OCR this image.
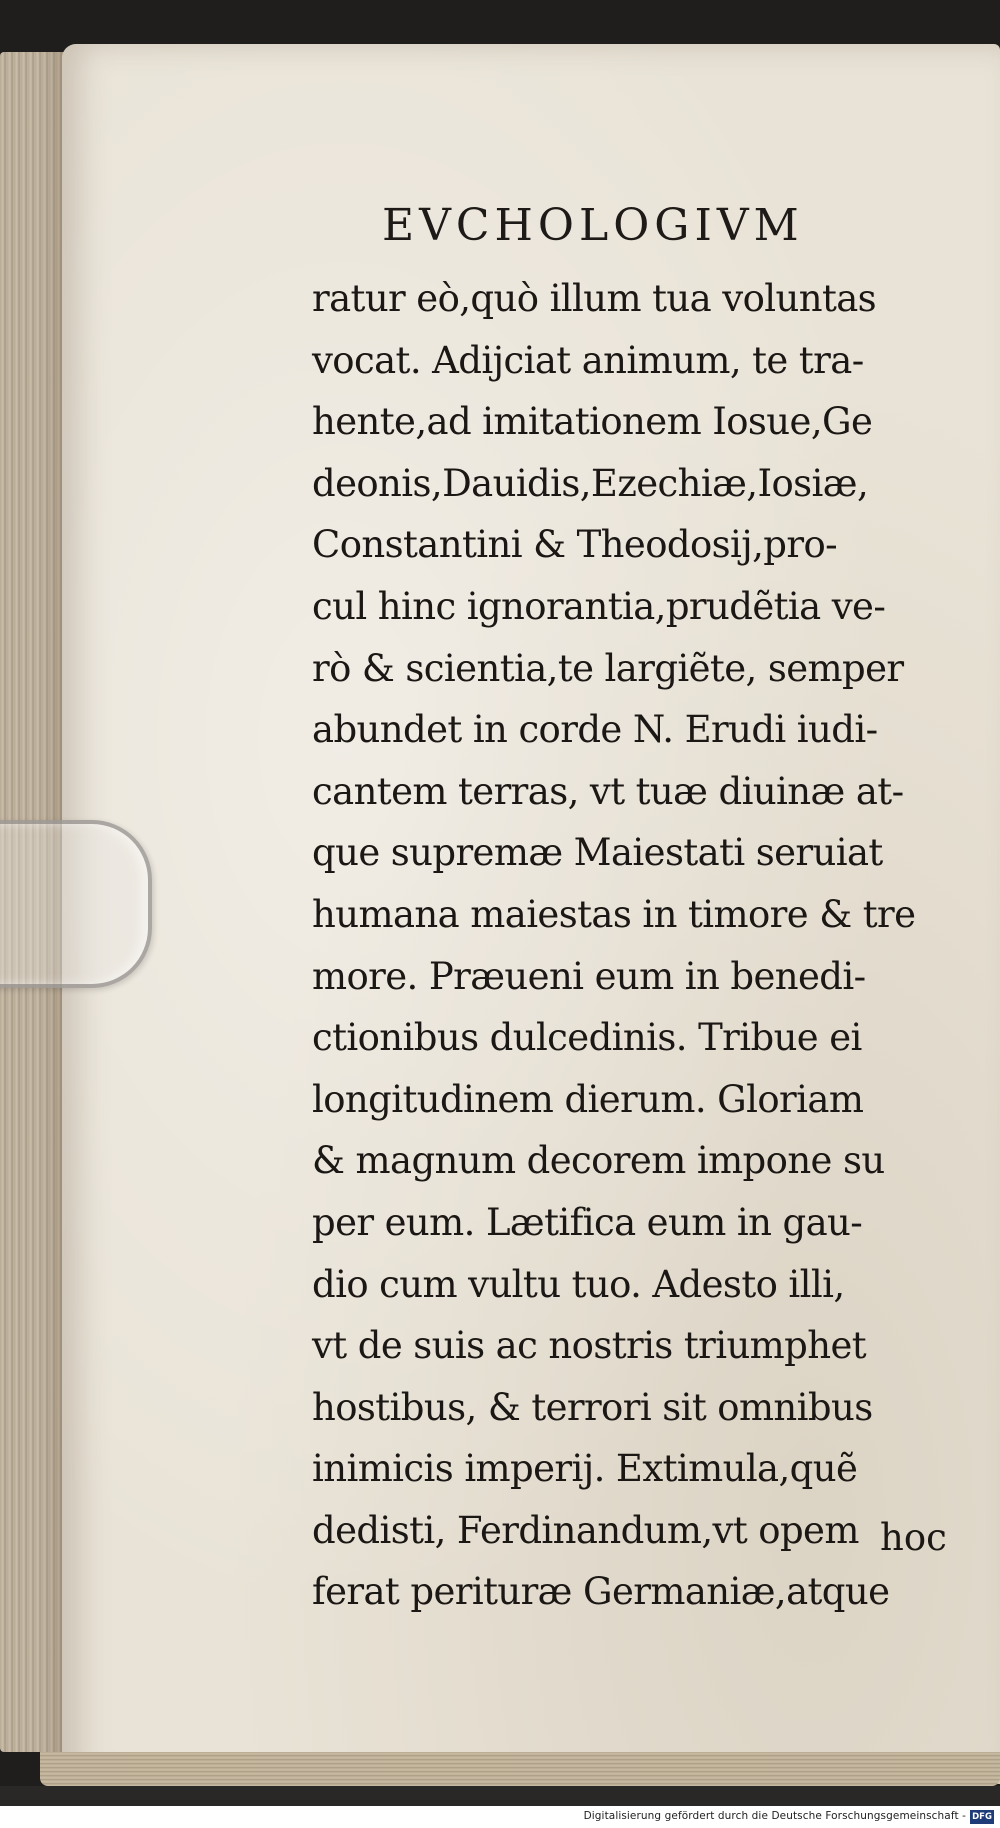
EVCHOLOGIVM
ratur eò,quò illum tua voluntas
vocat. Adijciat animum, te tra-
hente,ad imitationem Iosue,Ge
deonis,Dauidis,Ezechiæ,Iosiæ,
Constantini & Theodosij,pro-
cul hinc ignorantia,prudẽtia ve-
rò & scientia,te largiẽte, semper
abundet in corde N. Erudi iudi-
cantem terras, vt tuæ diuinæ at-
que supremæ Maiestati seruiat
humana maiestas in timore & tre
more. Præueni eum in benedi-
ctionibus dulcedinis. Tribue ei
longitudinem dierum. Gloriam
& magnum decorem impone su
per eum. Lætifica eum in gau-
dio cum vultu tuo. Adesto illi,
vt de suis ac nostris triumphet
hostibus, & terrori sit omnibus
inimicis imperij. Extimula,quẽ
dedisti, Ferdinandum,vt opem
ferat perituræ Germaniæ,atque
hoc
Digitalisierung gefördert durch die Deutsche Forschungsgemeinschaft - DFG
